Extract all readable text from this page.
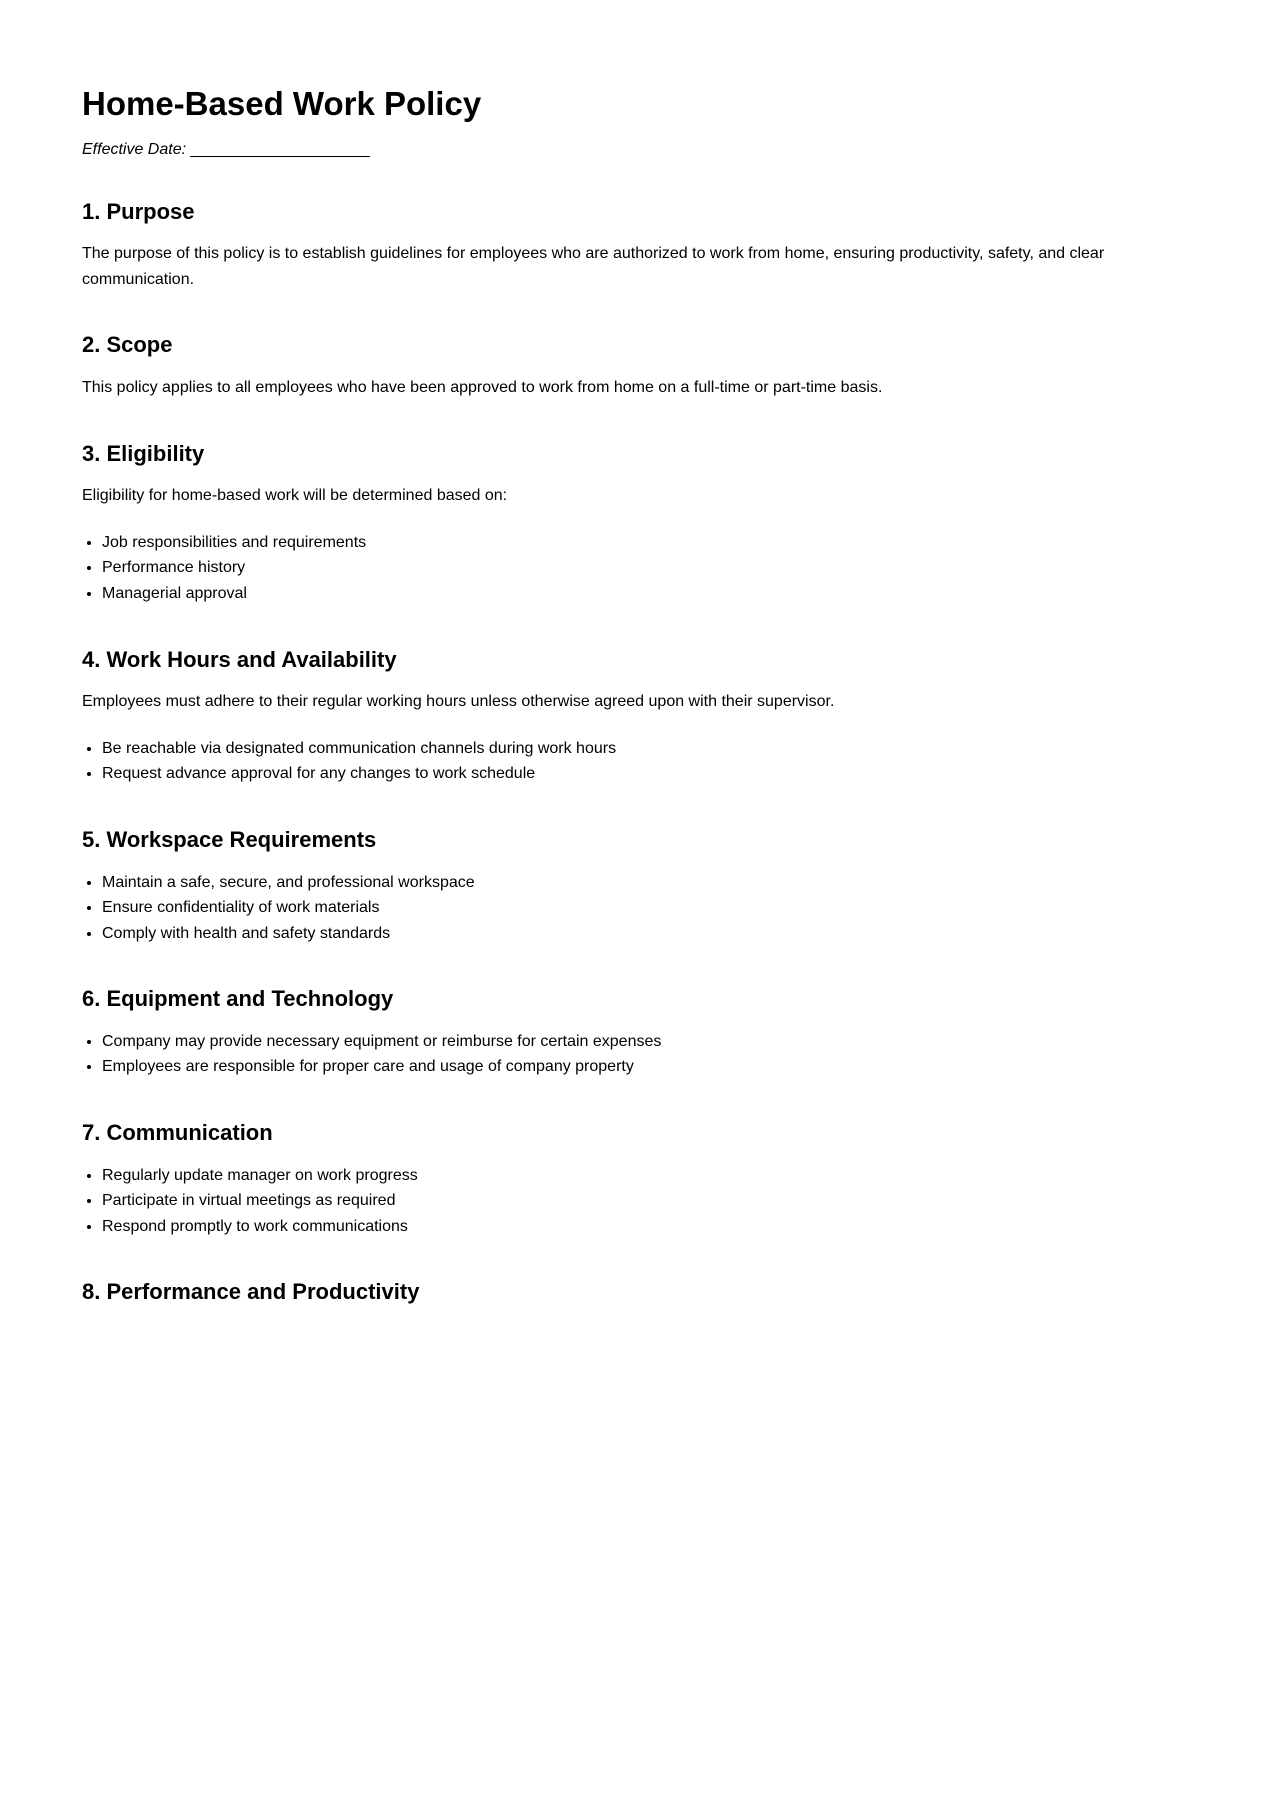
Home-Based Work Policy

Effective Date:

1. Purpose

The purpose of this policy is to establish guidelines for employees who are authorized to work from home, ensuring productivity, safety, and clear communication.

2. Scope

This policy applies to all employees who have been approved to work from home on a full-time or part-time basis.

3. Eligibility

Eligibility for home-based work will be determined based on:

• Job responsibilities and requirements
• Performance history
• Managerial approval
4. Work Hours and Availability

Employees must adhere to their regular working hours unless otherwise agreed upon with their supervisor.

• Be reachable via designated communication channels during work hours
• Request advance approval for any changes to work schedule
5. Workspace Requirements
• Maintain a safe, secure, and professional workspace
• Ensure confidentiality of work materials
• Comply with health and safety standards
6. Equipment and Technology
• Company may provide necessary equipment or reimburse for certain expenses
• Employees are responsible for proper care and usage of company property
7. Communication
• Regularly update manager on work progress
• Participate in virtual meetings as required
• Respond promptly to work communications
8. Performance and Productivity
